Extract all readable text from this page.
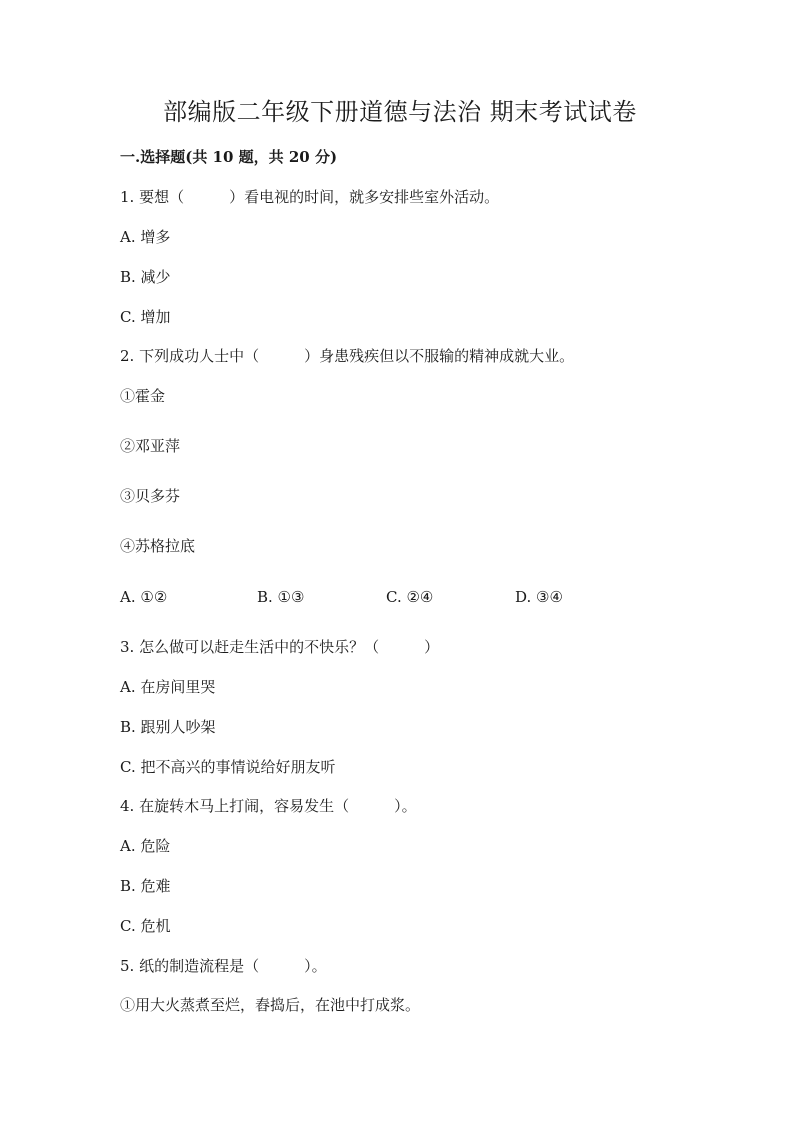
部编版二年级下册道德与法治 期末考试试卷
一.选择题(共 10 题，共 20 分)
1. 要想（　　　）看电视的时间，就多安排些室外活动。
A. 增多
B. 减少
C. 增加
2. 下列成功人士中（　　　）身患残疾但以不服输的精神成就大业。
①霍金
②邓亚萍
③贝多芬
④苏格拉底
A. ①②	B. ①③	C. ②④	D. ③④
3. 怎么做可以赶走生活中的不快乐？（　　　）
A. 在房间里哭
B. 跟别人吵架
C. 把不高兴的事情说给好朋友听
4. 在旋转木马上打闹，容易发生（　　　）。
A. 危险
B. 危难
C. 危机
5. 纸的制造流程是（　　　）。
①用大火蒸煮至烂，舂捣后，在池中打成浆。
